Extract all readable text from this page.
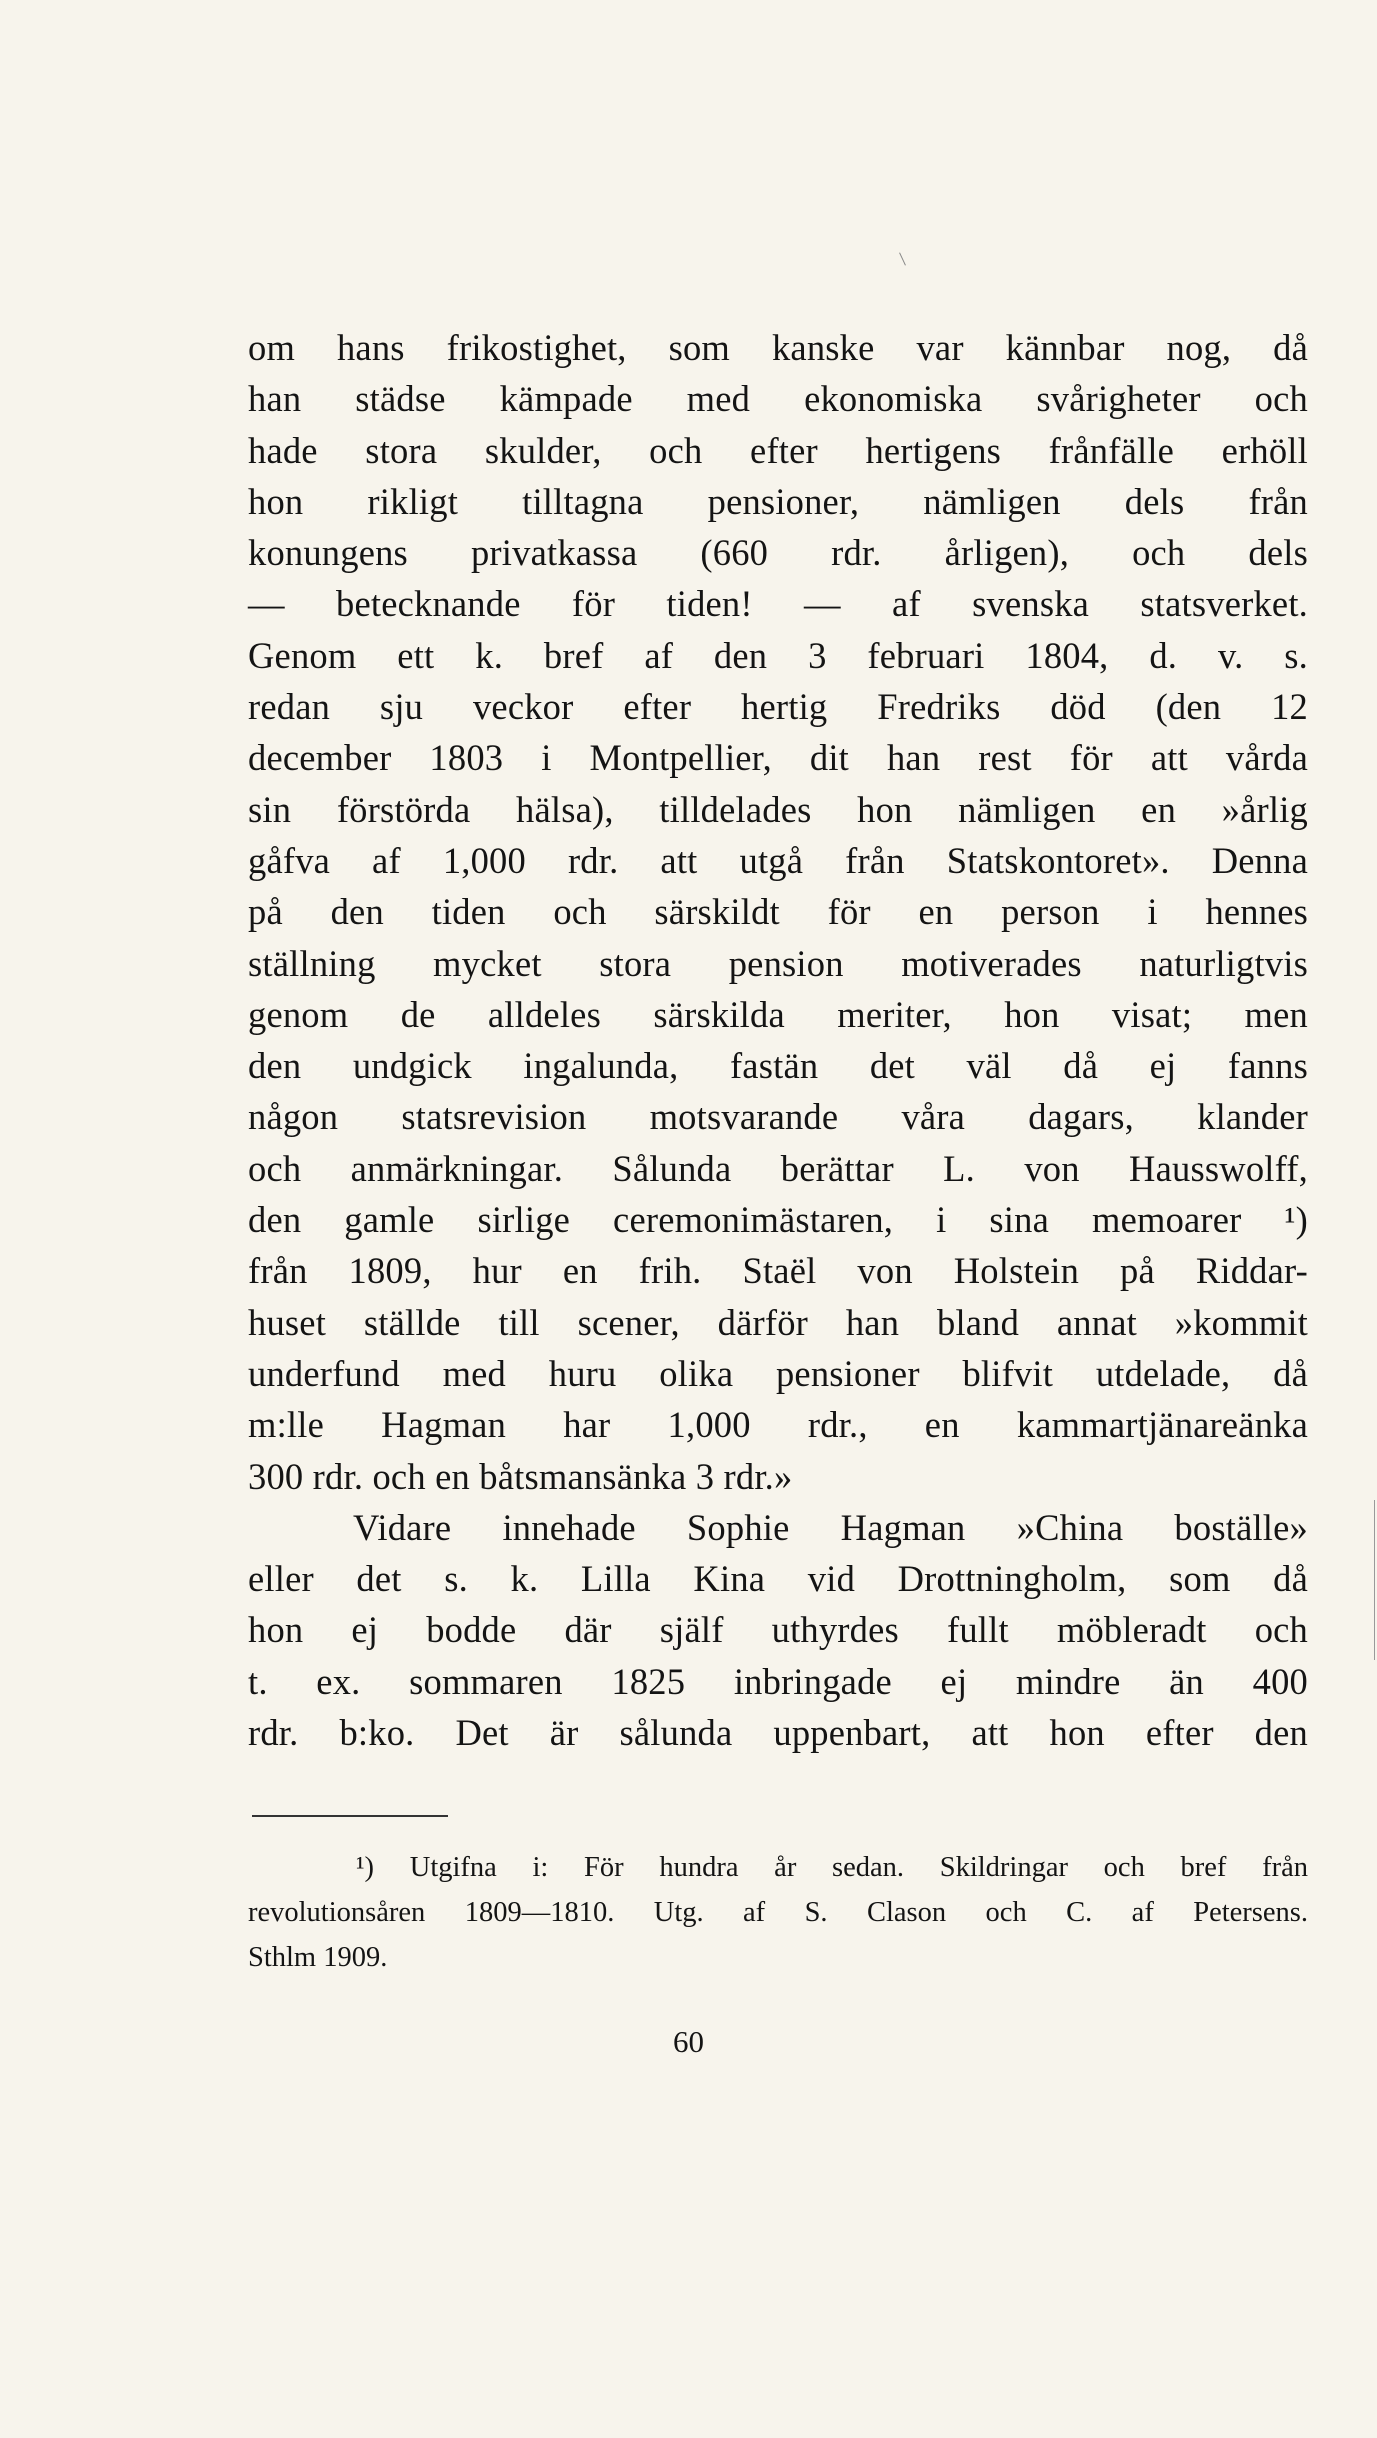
om hans frikostighet, som kanske var kännbar nog, då
han städse kämpade med ekonomiska svårigheter och
hade stora skulder, och efter hertigens frånfälle erhöll
hon rikligt tilltagna pensioner, nämligen dels från
konungens privatkassa (660 rdr. årligen), och dels
— betecknande för tiden! — af svenska statsverket.
Genom ett k. bref af den 3 februari 1804, d. v. s.
redan sju veckor efter hertig Fredriks död (den 12
december 1803 i Montpellier, dit han rest för att vårda
sin förstörda hälsa), tilldelades hon nämligen en »årlig
gåfva af 1,000 rdr. att utgå från Statskontoret». Denna
på den tiden och särskildt för en person i hennes
ställning mycket stora pension motiverades naturligtvis
genom de alldeles särskilda meriter, hon visat; men
den undgick ingalunda, fastän det väl då ej fanns
någon statsrevision motsvarande våra dagars, klander
och anmärkningar. Sålunda berättar L. von Hausswolff,
den gamle sirlige ceremonimästaren, i sina memoarer ¹)
från 1809, hur en frih. Staël von Holstein på Riddar-
huset ställde till scener, därför han bland annat »kommit
underfund med huru olika pensioner blifvit utdelade, då
m:lle Hagman har 1,000 rdr., en kammartjänareänka
300 rdr. och en båtsmansänka 3 rdr.»
Vidare innehade Sophie Hagman »China boställe»
eller det s. k. Lilla Kina vid Drottningholm, som då
hon ej bodde där själf uthyrdes fullt möbleradt och
t. ex. sommaren 1825 inbringade ej mindre än 400
rdr. b:ko. Det är sålunda uppenbart, att hon efter den
¹) Utgifna i: För hundra år sedan. Skildringar och bref från
revolutionsåren 1809—1810. Utg. af S. Clason och C. af Petersens.
Sthlm 1909.
60
